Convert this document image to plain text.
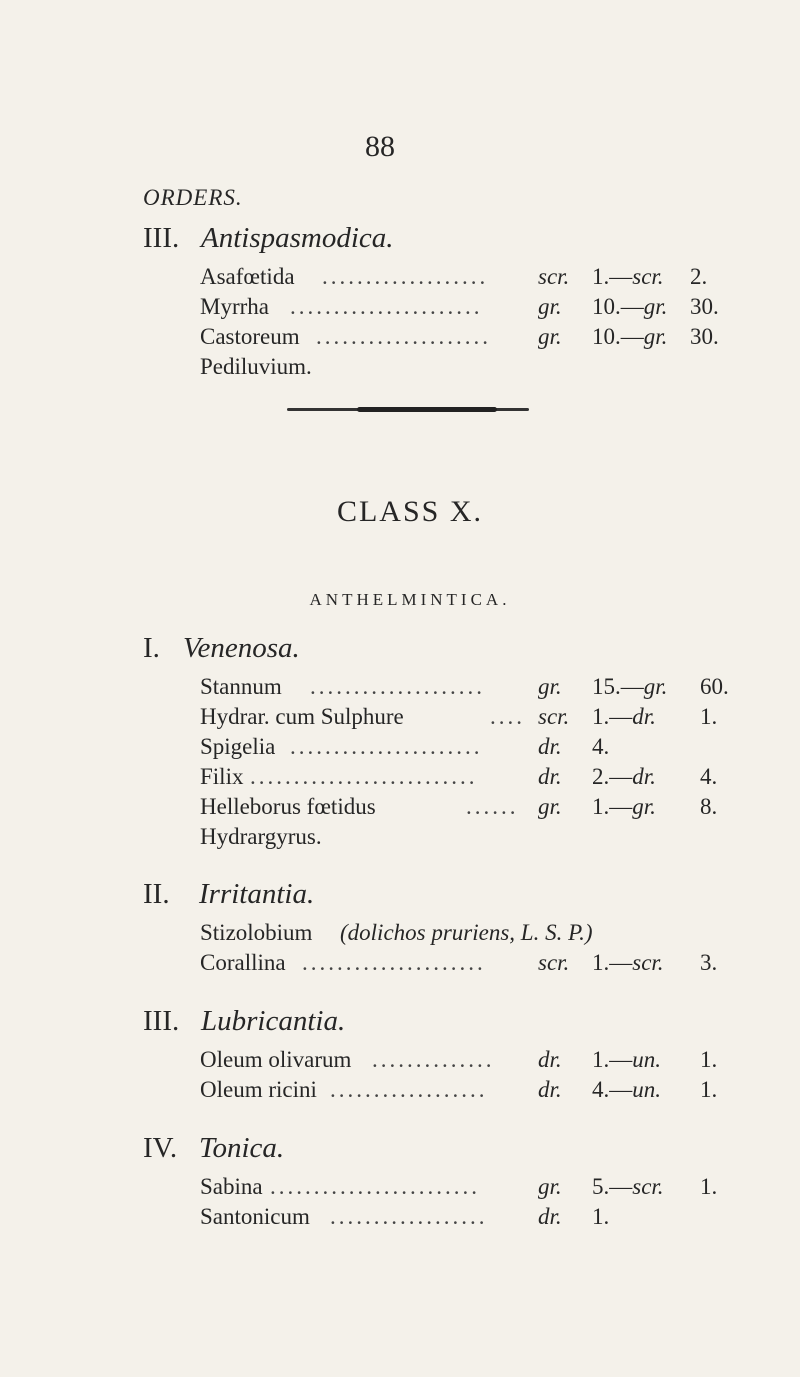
88
ORDERS.
III. Antispasmodica.
Asafœtida ...................	scr. 1.—scr. 2.
Myrrha ......................	gr. 10.—gr. 30.
Castoreum ....................	gr. 10.—gr. 30.
Pediluvium.
CLASS X.
ANTHELMINTICA.
I. Venenosa.
Stannum ....................	gr. 15.—gr. 60.
Hydrar. cum Sulphure	.... scr. 1.—dr. 1.
Spigelia ......................	dr. 4.
Filix ..........................	dr. 2.—dr. 4.
Helleborus fœtidus	...... gr. 1.—gr. 8.
Hydrargyrus.
II. Irritantia.
Stizolobium (dolichos pruriens, L. S. P.)
Corallina .....................	scr. 1.—scr. 3.
III. Lubricantia.
Oleum olivarum ..............	dr. 1.—un. 1.
Oleum ricini ..................	dr. 4.—un. 1.
IV. Tonica.
Sabina ........................	gr. 5.—scr. 1.
Santonicum ..................	dr. 1.
